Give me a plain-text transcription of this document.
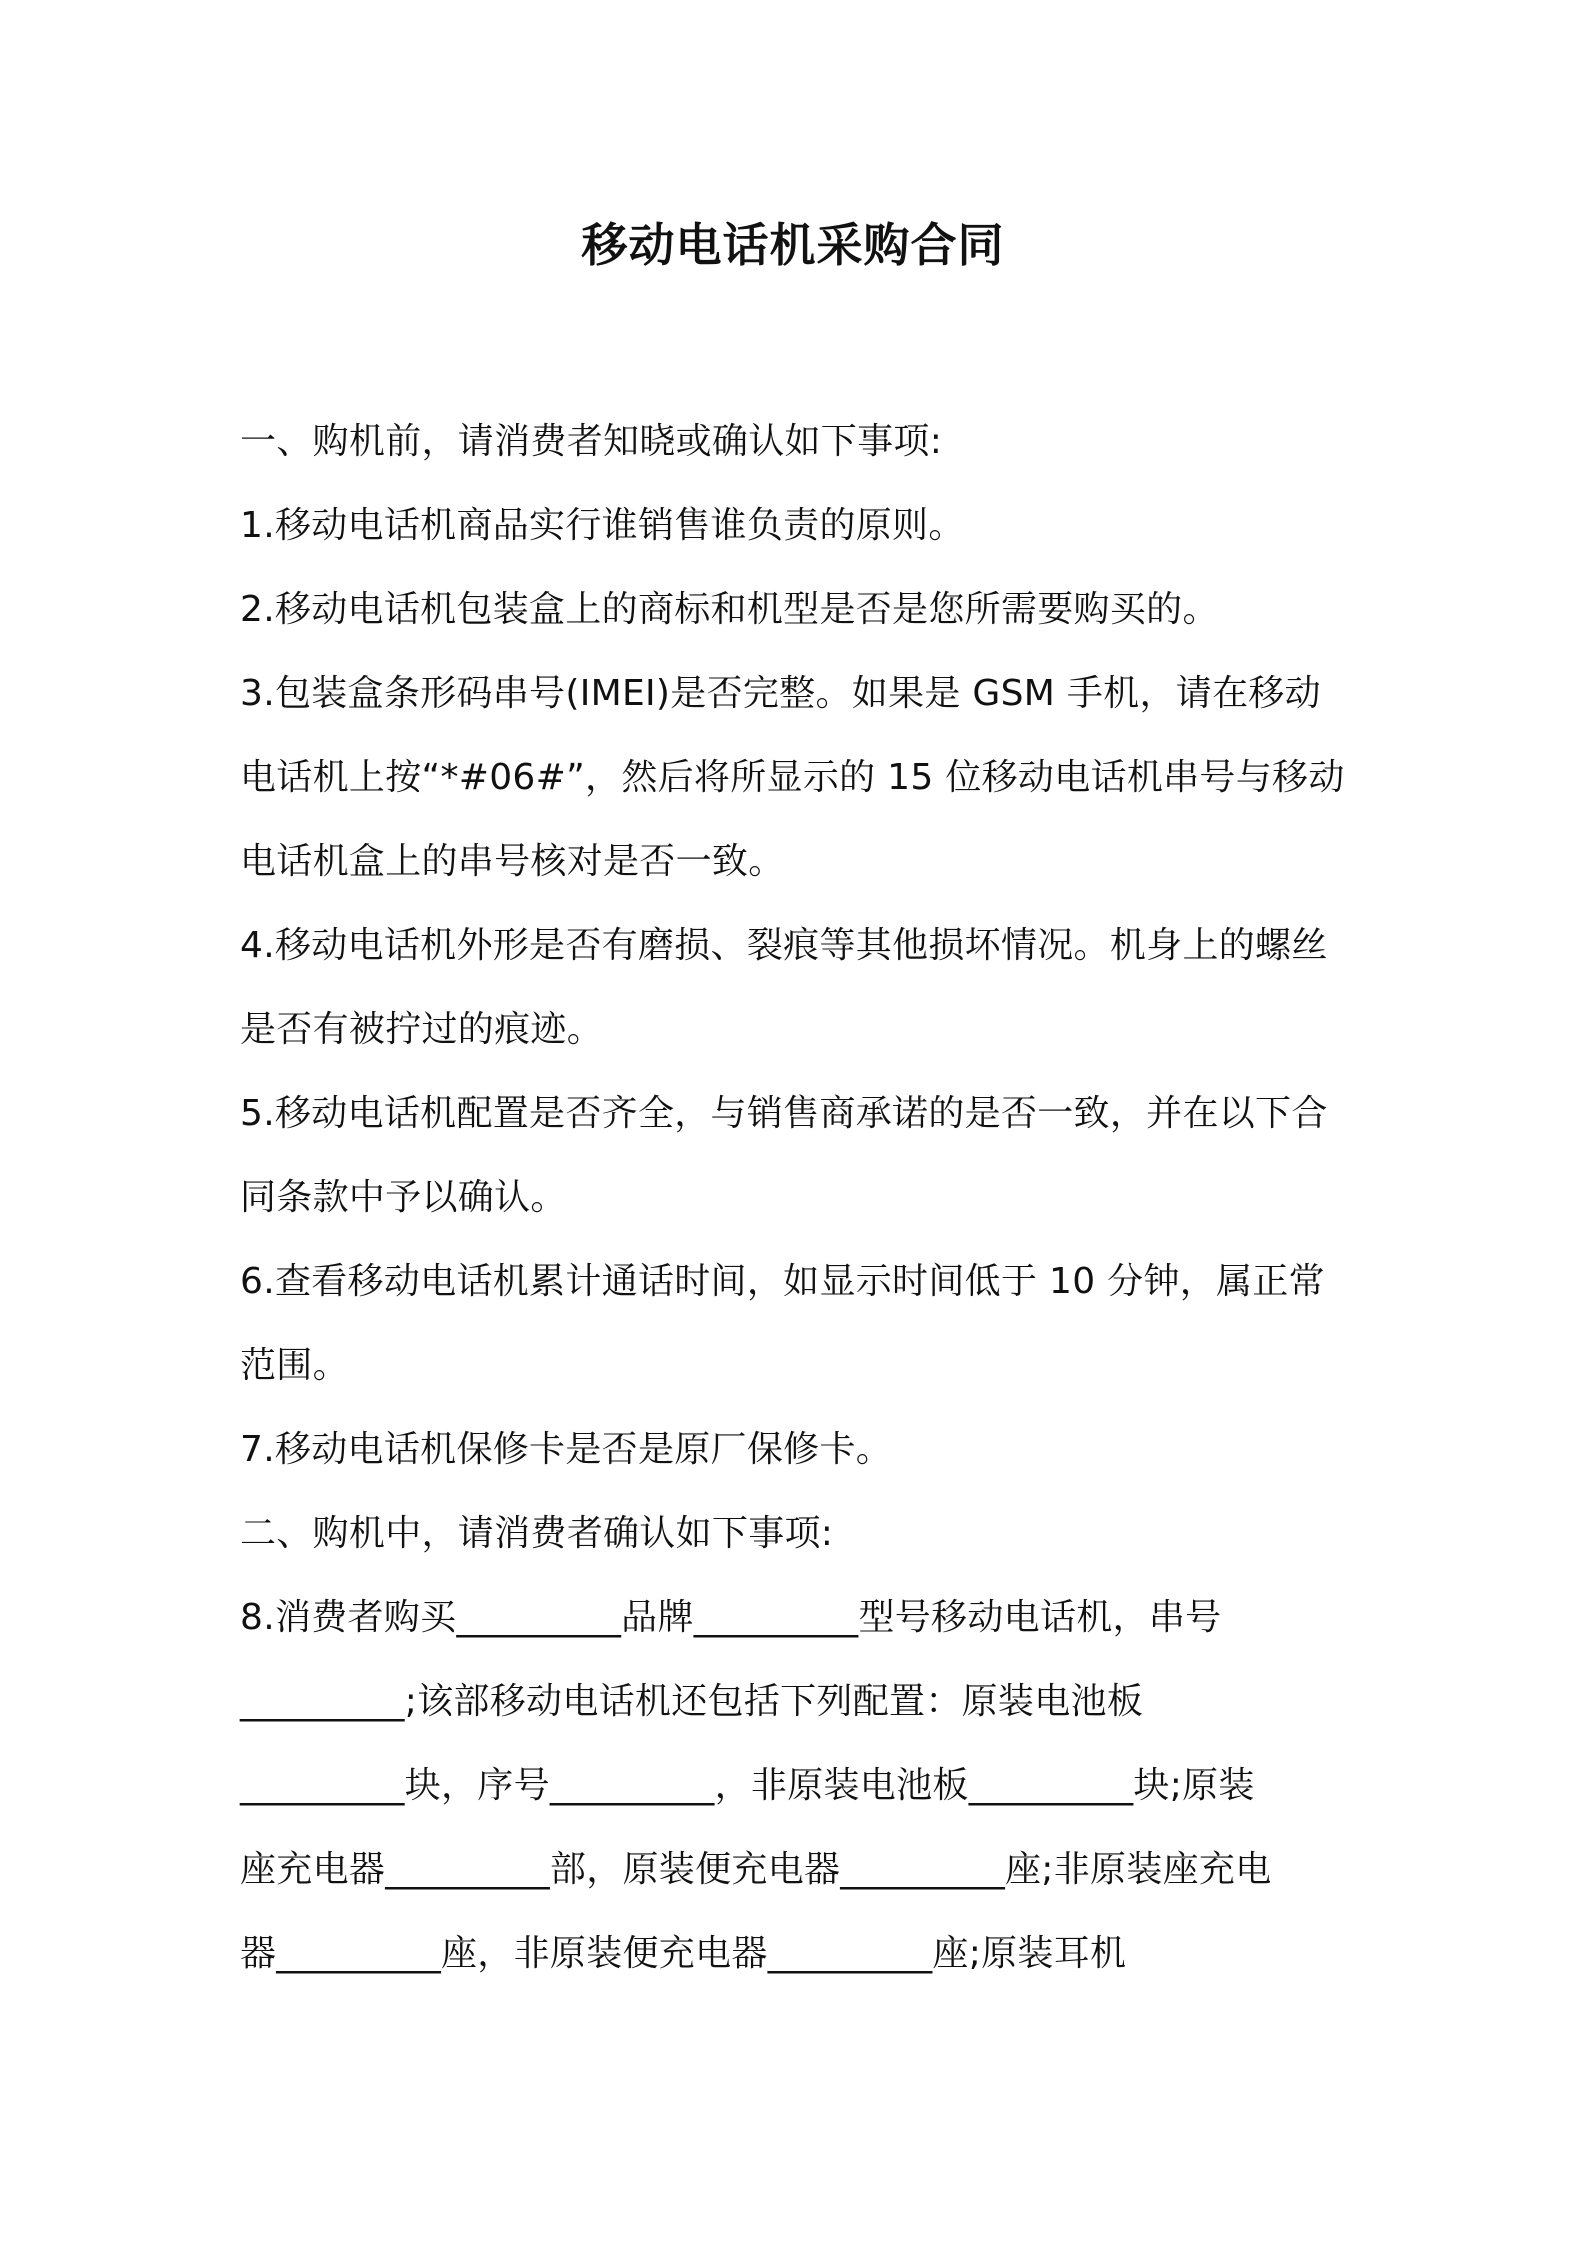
移动电话机采购合同
一、购机前，请消费者知晓或确认如下事项:
1.移动电话机商品实行谁销售谁负责的原则。
2.移动电话机包装盒上的商标和机型是否是您所需要购买的。
3.包装盒条形码串号(IMEI)是否完整。如果是 GSM 手机，请在移动
电话机上按“*#06#”，然后将所显示的 15 位移动电话机串号与移动
电话机盒上的串号核对是否一致。
4.移动电话机外形是否有磨损、裂痕等其他损坏情况。机身上的螺丝
是否有被拧过的痕迹。
5.移动电话机配置是否齐全，与销售商承诺的是否一致，并在以下合
同条款中予以确认。
6.查看移动电话机累计通话时间，如显示时间低于 10 分钟，属正常
范围。
7.移动电话机保修卡是否是原厂保修卡。
二、购机中，请消费者确认如下事项:
8.消费者购买_________品牌_________型号移动电话机，串号
_________;该部移动电话机还包括下列配置：原装电池板
_________块，序号_________，非原装电池板_________块;原装
座充电器_________部，原装便充电器_________座;非原装座充电
器_________座，非原装便充电器_________座;原装耳机
